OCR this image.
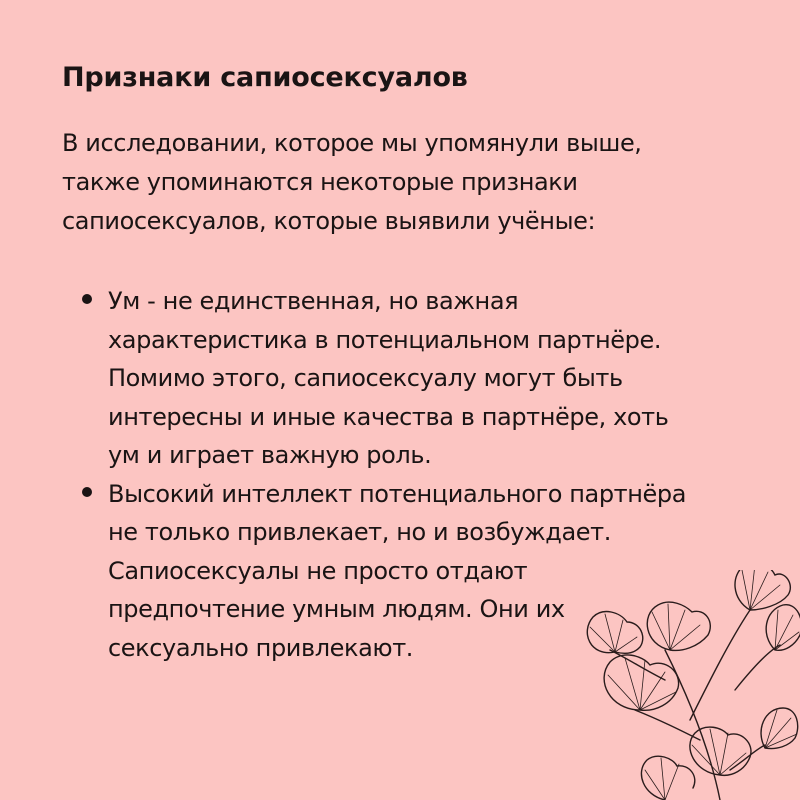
Признаки сапиосексуалов
В исследовании, которое мы упомянули выше,
также упоминаются некоторые признаки
сапиосексуалов, которые выявили учёные:
Ум - не единственная, но важная
характеристика в потенциальном партнёре.
Помимо этого, сапиосексуалу могут быть
интересны и иные качества в партнёре, хоть
ум и играет важную роль.
Высокий интеллект потенциального партнёра
не только привлекает, но и возбуждает.
Сапиосексуалы не просто отдают
предпочтение умным людям. Они их
сексуально привлекают.
